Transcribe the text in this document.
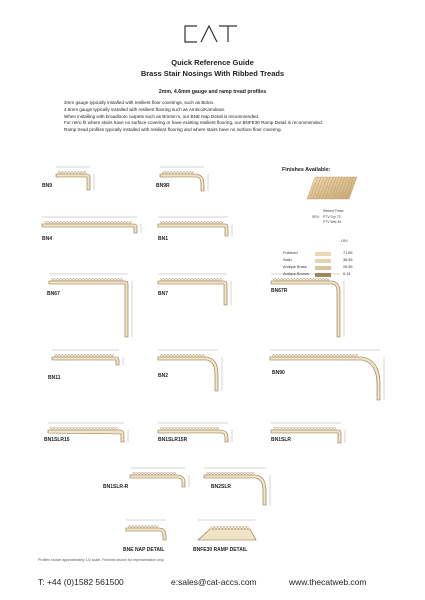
Quick Reference Guide
Brass Stair Nosings With Ribbed Treads
2mm, 4.6mm gauge and ramp tread profiles
2mm gauge typically installed with resilient floor coverings, such as Bolon.
4.6mm gauge typically installed with resilient flooring such as Amtico/Karndean.
When installing with broadloom carpets such as Brinton's, our BNE Nap Detail is recommended.
For retro fit where stairs have no surface covering or have existing resilient flooring, our BNFE30 Ramp Detail is recommended.
Ramp tread profiles typically installed with resilient flooring and where stairs have no surface floor covering.
Finishes Available:
Ribbed Tread
SRV: PTV Dry 73
PTV Wet 46
LRV:
Polished	71.65
Satin	36.55
Antique Brass	26.55
Antique Bronze	6.15
BN9	BN9R
BN4	BN1
BN67	BN7	BN67R
BN11	BN2	BN90
BN1SLR15	BN1SLR15R	BN1SLR
BN1SLR-R	BN2SLR
BNE NAP DETAIL	BNFE30 RAMP DETAIL
Profiles shown approximately 1/2 scale. Finishes shown for representation only.
T: +44 (0)1582 561500	e:sales@cat-accs.com	www.thecatweb.com
